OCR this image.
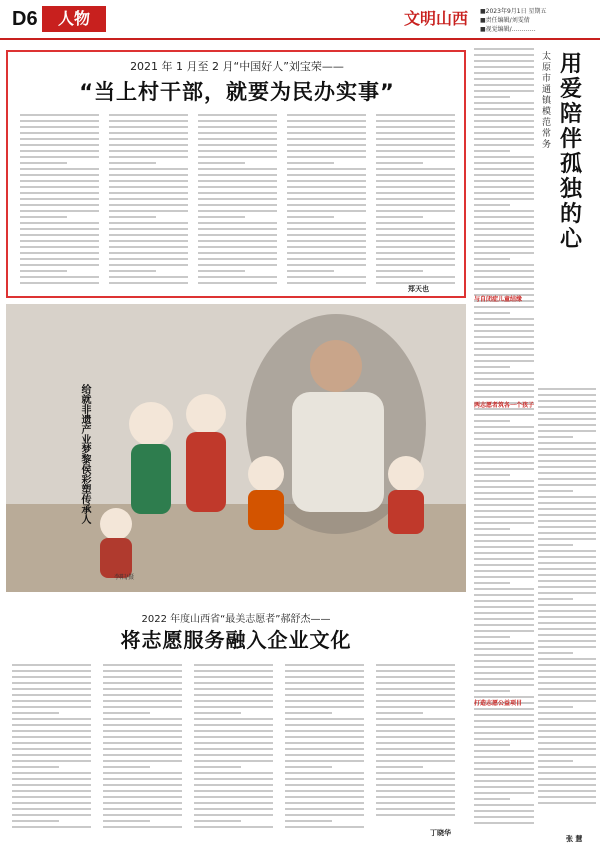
D6	人物	文明山西 ■2023年9月1日 星期五
■责任编辑/刘雯倩
■视觉编辑/…………
2021 年 1 月至 2 月“中国好人”刘宝荣——
“当上村干部，就要为民办实事”
郑天也
给就非遗产业梦黎侯彩塑传承人
李阳/摄
2022 年度山西省“最美志愿者”郝舒杰——
将志愿服务融入企业文化
丁晓华
太原市通镇模范常务
用爱陪伴孤独的心
与自闭症儿童结缘
两志愿者筑各一个孩子
打造志愿公益项目
张 慧
